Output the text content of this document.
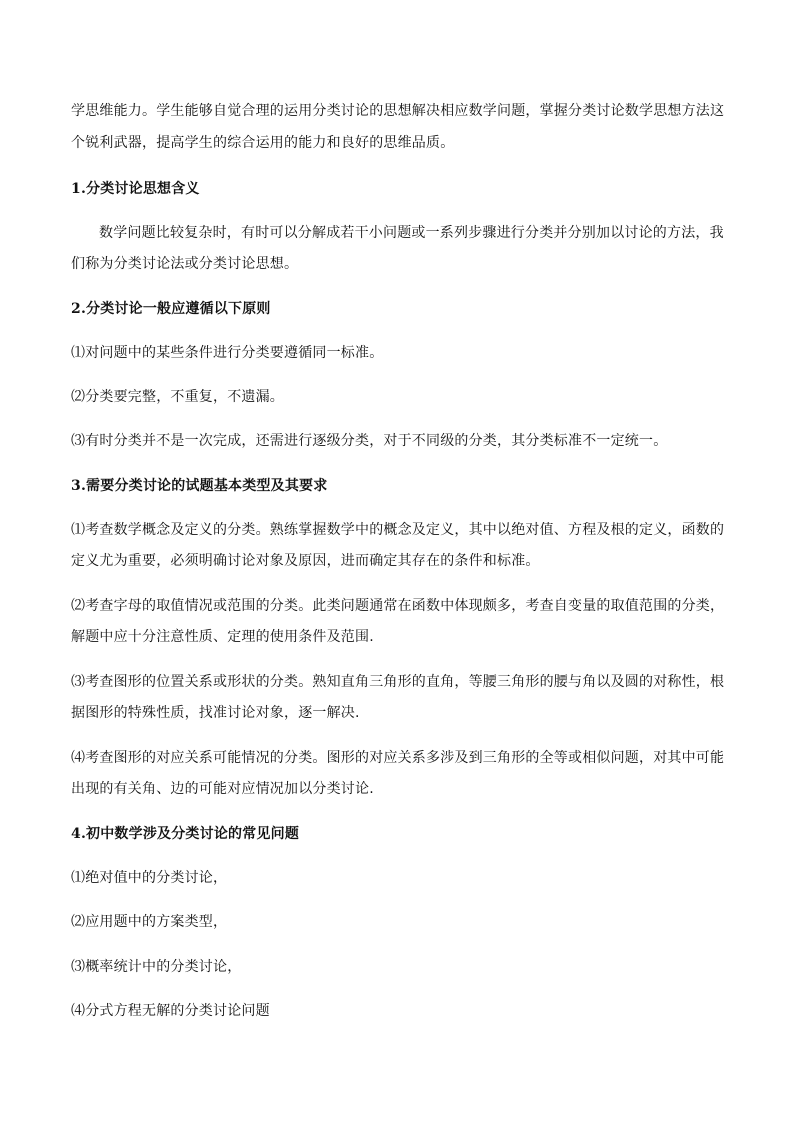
学思维能力。学生能够自觉合理的运用分类讨论的思想解决相应数学问题，掌握分类讨论数学思想方法这
个锐利武器，提高学生的综合运用的能力和良好的思维品质。
1.分类讨论思想含义
数学问题比较复杂时，有时可以分解成若干小问题或一系列步骤进行分类并分别加以讨论的方法，我
们称为分类讨论法或分类讨论思想。
2.分类讨论一般应遵循以下原则
⑴对问题中的某些条件进行分类要遵循同一标准。
⑵分类要完整，不重复，不遗漏。
⑶有时分类并不是一次完成，还需进行逐级分类，对于不同级的分类，其分类标准不一定统一。
3.需要分类讨论的试题基本类型及其要求
⑴考查数学概念及定义的分类。熟练掌握数学中的概念及定义，其中以绝对值、方程及根的定义，函数的
定义尤为重要，必须明确讨论对象及原因，进而确定其存在的条件和标准。
⑵考查字母的取值情况或范围的分类。此类问题通常在函数中体现颇多，考查自变量的取值范围的分类，
解题中应十分注意性质、定理的使用条件及范围.
⑶考查图形的位置关系或形状的分类。熟知直角三角形的直角，等腰三角形的腰与角以及圆的对称性，根
据图形的特殊性质，找准讨论对象，逐一解决.
⑷考查图形的对应关系可能情况的分类。图形的对应关系多涉及到三角形的全等或相似问题，对其中可能
出现的有关角、边的可能对应情况加以分类讨论.
4.初中数学涉及分类讨论的常见问题
⑴绝对值中的分类讨论，
⑵应用题中的方案类型，
⑶概率统计中的分类讨论，
⑷分式方程无解的分类讨论问题
